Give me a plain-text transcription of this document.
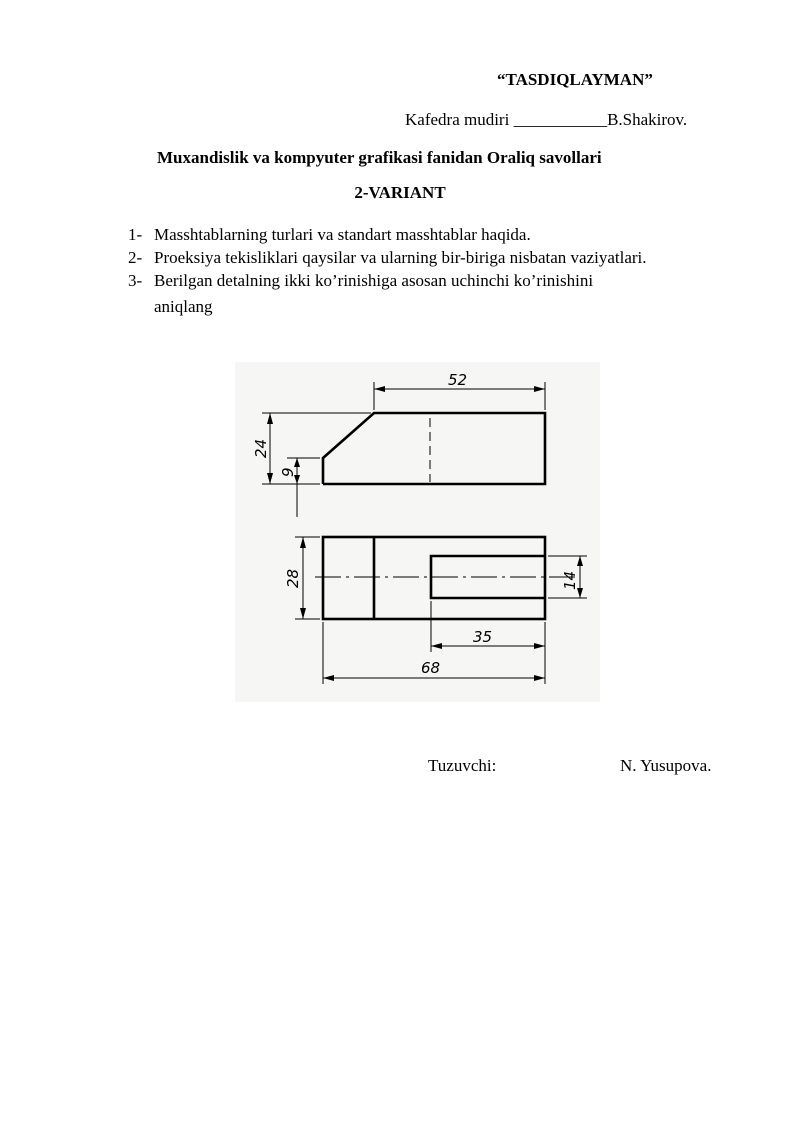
“TASDIQLAYMAN”
Kafedra mudiri ___________B.Shakirov.
Muxandislik va kompyuter grafikasi fanidan Oraliq savollari
2-VARIANT
1- Masshtablarning turlari va standart masshtablar haqida.
2- Proeksiya tekisliklari qaysilar va ularning bir-biriga nisbatan vaziyatlari.
3- Berilgan detalning ikki ko’rinishiga asosan uchinchi ko’rinishini
aniqlang
52
24
9
28	14
35
68
Tuzuvchi:	N. Yusupova.
